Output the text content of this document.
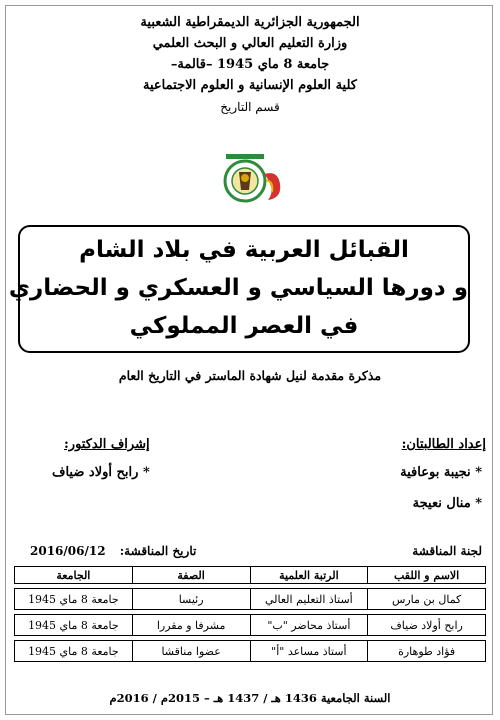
الجمهورية الجزائرية الديمقراطية الشعبية
وزارة التعليم العالي و البحث العلمي
جامعة 8 ماي 1945 –قالمة–
كلية العلوم الإنسانية و العلوم الاجتماعية
قسم التاريخ
القبائل العربية في بلاد الشام
و دورها السياسي و العسكري و الحضاري
في العصر المملوكي
مذكرة مقدمة لنيل شهادة الماستر في التاريخ العام
إعداد الطالبتان:
* نجيبة بوعافية
* منال نعيجة
إشراف الدكتور:
* رابح أولاد ضياف
لجنة المناقشة
تاريخ المناقشة: 2016/06/12
الاسم و اللقب	الرتبة العلمية	الصفة	الجامعة

كمال بن مارس	أستاذ التعليم العالي	رئيسا	جامعة 8 ماي 1945

رابح أولاد ضياف	أستاذ محاضر "ب"	مشرفا و مقررا	جامعة 8 ماي 1945

فؤاد طوهارة	أستاذ مساعد "أ"	عضوا مناقشا	جامعة 8 ماي 1945
السنة الجامعية 1436 هـ / 1437 هـ – 2015م / 2016م
